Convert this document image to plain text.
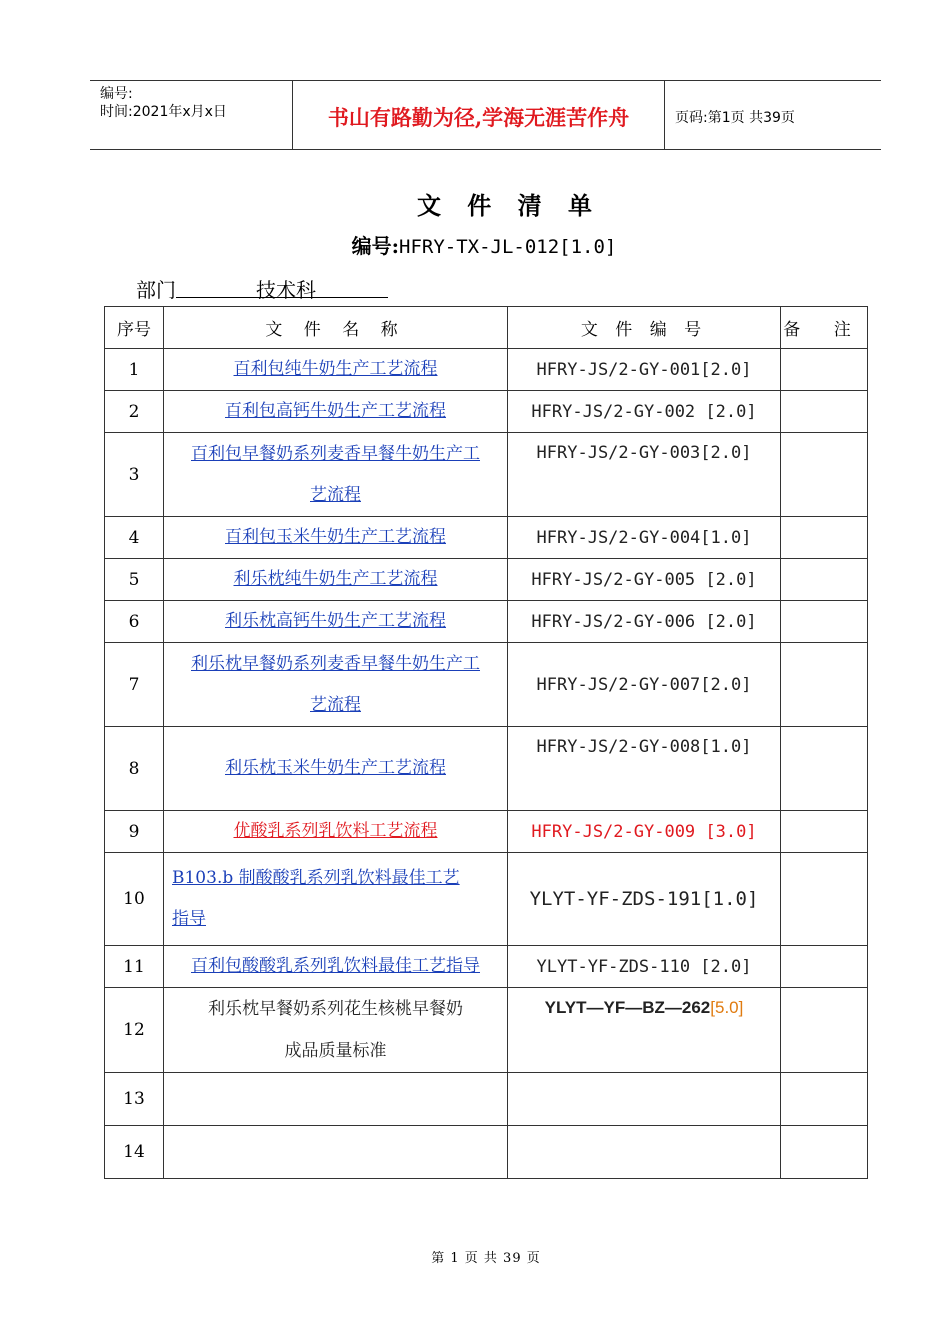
编号:
时间:2021年x月x日	书山有路勤为径,学海无涯苦作舟	页码:第1页 共39页
文 件 清 单
编号:HFRY-TX-JL-012[1.0]
部门	技术科
序号	文 件 名 称	文 件 编 号	备 注
1	百利包纯牛奶生产工艺流程	HFRY-JS/2-GY-001[2.0]	
2	百利包高钙牛奶生产工艺流程	HFRY-JS/2-GY-002 [2.0]	
3	百利包早餐奶系列麦香早餐牛奶生产工
艺流程	HFRY-JS/2-GY-003[2.0]	
4	百利包玉米牛奶生产工艺流程	HFRY-JS/2-GY-004[1.0]	
5	利乐枕纯牛奶生产工艺流程	HFRY-JS/2-GY-005 [2.0]	
6	利乐枕高钙牛奶生产工艺流程	HFRY-JS/2-GY-006 [2.0]	
7	利乐枕早餐奶系列麦香早餐牛奶生产工
艺流程	HFRY-JS/2-GY-007[2.0]	
8	利乐枕玉米牛奶生产工艺流程	HFRY-JS/2-GY-008[1.0]	
9	优酸乳系列乳饮料工艺流程	HFRY-JS/2-GY-009 [3.0]	
10	B103.b 制酸酸乳系列乳饮料最佳工艺
指导	YLYT-YF-ZDS-191[1.0]	
11	百利包酸酸乳系列乳饮料最佳工艺指导	YLYT-YF-ZDS-110 [2.0]	
12	利乐枕早餐奶系列花生核桃早餐奶
成品质量标准	YLYT—YF—BZ—262[5.0]	
13			
14			
第 1 页 共 39 页
